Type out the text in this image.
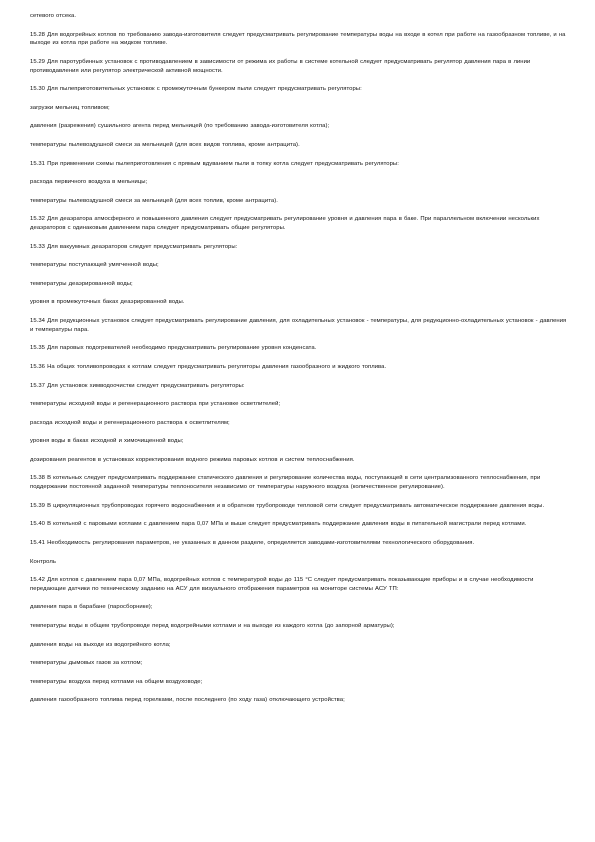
сетевого отсека.

15.28 Для водогрейных котлов по требованию завода-изготовителя следует предусматривать регулирование температуры воды на входе в котел при работе на газообразном топливе, и на выходе из котла при работе на жидком топливе.

15.29 Для паротурбинных установок с противодавлением в зависимости от режима их работы в системе котельной следует предусматривать регулятор давления пара в линии противодавления или регулятор электрической активной мощности.

15.30 Для пылеприготовительных установок с промежуточным бункером пыли следует предусматривать регуляторы:

загрузки мельниц топливом;

давления (разрежения) сушильного агента перед мельницей (по требованию завода-изготовителя котла);

температуры пылевоздушной смеси за мельницей (для всех видов топлива, кроме антрацита).

15.31 При применении схемы пылеприготовления с прямым вдуванием пыли в топку котла следует предусматривать регуляторы:

расхода первичного воздуха в мельницы;

температуры пылевоздушной смеси за мельницей (для всех топлив, кроме антрацита).

15.32 Для деаэратора атмосферного и повышенного давления следует предусматривать регулирование уровня и давления пара в баке. При параллельном включении нескольких деаэраторов с одинаковым давлением пара следует предусматривать общие регуляторы.

15.33 Для вакуумных деаэраторов следует предусматривать регуляторы:

температуры поступающей умягченной воды;

температуры деаэрированной воды;

уровня в промежуточных баках деаэрированной воды.

15.34 Для редукционных установок следует предусматривать регулирование давления, для охладительных установок - температуры, для редукционно-охладительных установок - давления и температуры пара.

15.35 Для паровых подогревателей необходимо предусматривать регулирование уровня конденсата.

15.36 На общих топливопроводах к котлам следует предусматривать регуляторы давления газообразного и жидкого топлива.

15.37 Для установок химводоочистки следует предусматривать регуляторы:

температуры исходной воды и регенерационного раствора при установке осветлителей;

расхода исходной воды и регенерационного раствора к осветлителям;

уровня воды в баках исходной и химочищенной воды;

дозирования реагентов в установках корректирования водного режима паровых котлов и систем теплоснабжения.

15.38 В котельных следует предусматривать поддержание статического давления и регулирование количества воды, поступающей в сети централизованного теплоснабжения, при поддержании постоянной заданной температуры теплоносителя независимо от температуры наружного воздуха (количественное регулирование).

15.39 В циркуляционных трубопроводах горячего водоснабжения и в обратном трубопроводе тепловой сети следует предусматривать автоматическое поддержание давления воды.

15.40 В котельной с паровыми котлами с давлением пара 0,07 МПа и выше следует предусматривать поддержание давления воды в питательной магистрали перед котлами.

15.41 Необходимость регулирования параметров, не указанных в данном разделе, определяется заводами-изготовителями технологического оборудования.

Контроль

15.42 Для котлов с давлением пара 0,07 МПа, водогрейных котлов с температурой воды до 115 °С следует предусматривать показывающие приборы и в случае необходимости передающие датчики по техническому заданию на АСУ для визуального отображения параметров на мониторе системы АСУ ТП:

давления пара в барабане (паросборнике);

температуры воды в общем трубопроводе перед водогрейными котлами и на выходе из каждого котла (до запорной арматуры);

давления воды на выходе из водогрейного котла;

температуры дымовых газов за котлом;

температуры воздуха перед котлами на общем воздуховоде;

давления газообразного топлива перед горелками, после последнего (по ходу газа) отключающего устройства;
